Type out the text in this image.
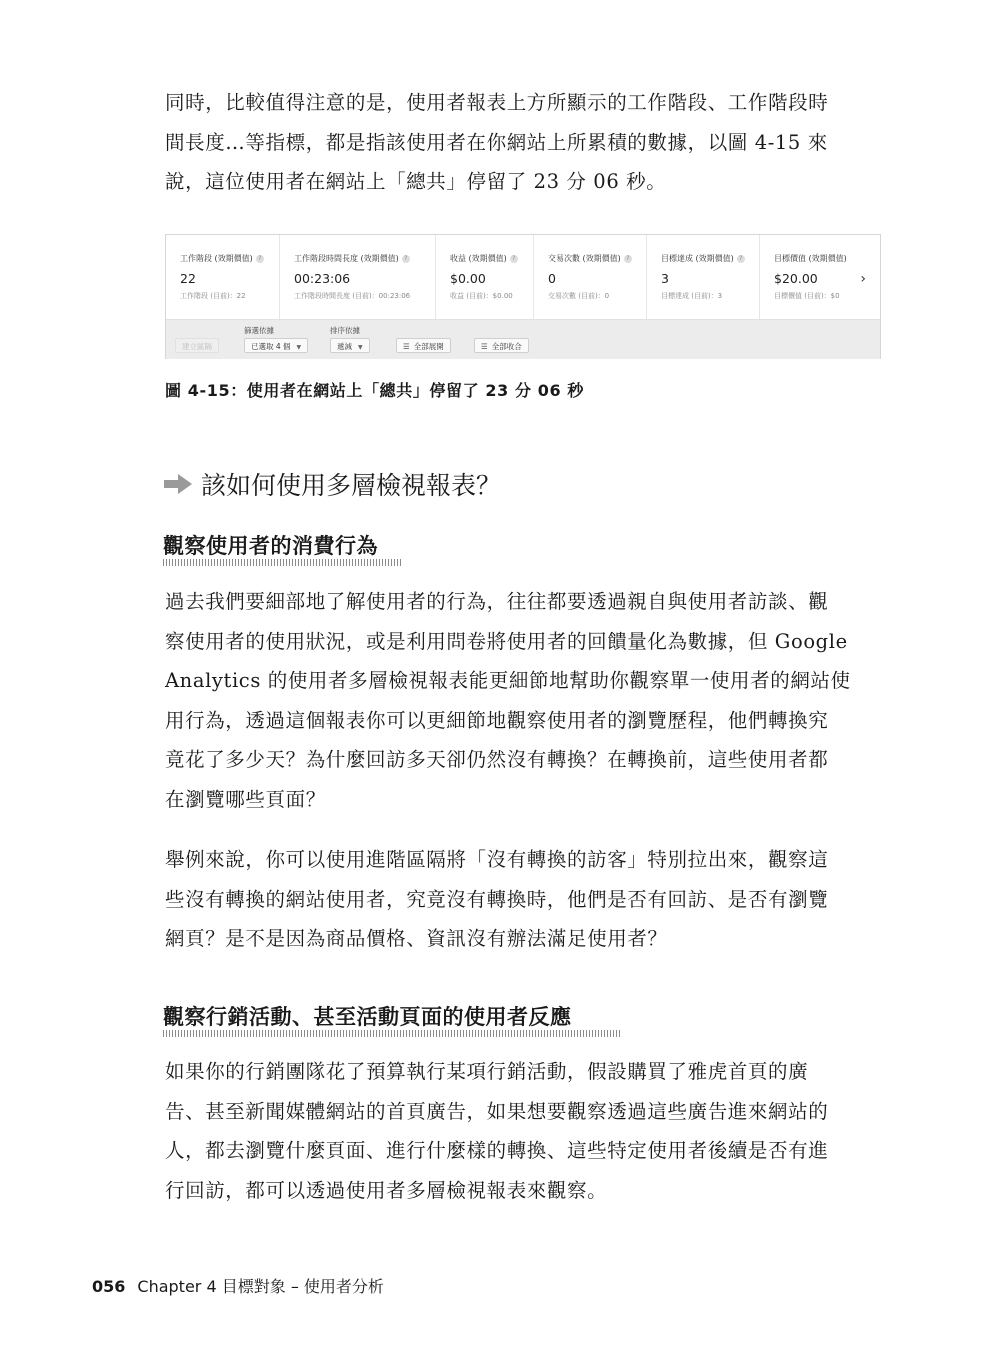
同時，比較值得注意的是，使用者報表上方所顯示的工作階段、工作階段時
間長度…等指標，都是指該使用者在你網站上所累積的數據，以圖 4-15 來
說，這位使用者在網站上「總共」停留了 23 分 06 秒。
工作階段 (效期價值) ?
22
工作階段 (目前)：22
工作階段時間長度 (效期價值) ?
00:23:06
工作階段時間長度 (目前)：00:23:06
收益 (效期價值) ?
$0.00
收益 (目前)：$0.00
交易次數 (效期價值) ?
0
交易次數 (目前)：0
目標達成 (效期價值) ?
3
目標達成 (目前)：3
目標價值 (效期價值)
$20.00
目標價值 (目前)：$0
›
建立區隔
篩選依據
已選取 4 個 ▼
排序依據
遞減 ▼	☰ 全部展開	☰ 全部收合
圖 4-15：使用者在網站上「總共」停留了 23 分 06 秒
該如何使用多層檢視報表？
觀察使用者的消費行為
過去我們要細部地了解使用者的行為，往往都要透過親自與使用者訪談、觀
察使用者的使用狀況，或是利用問卷將使用者的回饋量化為數據，但 Google
Analytics 的使用者多層檢視報表能更細節地幫助你觀察單一使用者的網站使
用行為，透過這個報表你可以更細節地觀察使用者的瀏覽歷程，他們轉換究
竟花了多少天？為什麼回訪多天卻仍然沒有轉換？在轉換前，這些使用者都
在瀏覽哪些頁面？
舉例來說，你可以使用進階區隔將「沒有轉換的訪客」特別拉出來，觀察這
些沒有轉換的網站使用者，究竟沒有轉換時，他們是否有回訪、是否有瀏覽
網頁？是不是因為商品價格、資訊沒有辦法滿足使用者？
觀察行銷活動、甚至活動頁面的使用者反應
如果你的行銷團隊花了預算執行某項行銷活動，假設購買了雅虎首頁的廣
告、甚至新聞媒體網站的首頁廣告，如果想要觀察透過這些廣告進來網站的
人，都去瀏覽什麼頁面、進行什麼樣的轉換、這些特定使用者後續是否有進
行回訪，都可以透過使用者多層檢視報表來觀察。
056 Chapter 4 目標對象 – 使用者分析
